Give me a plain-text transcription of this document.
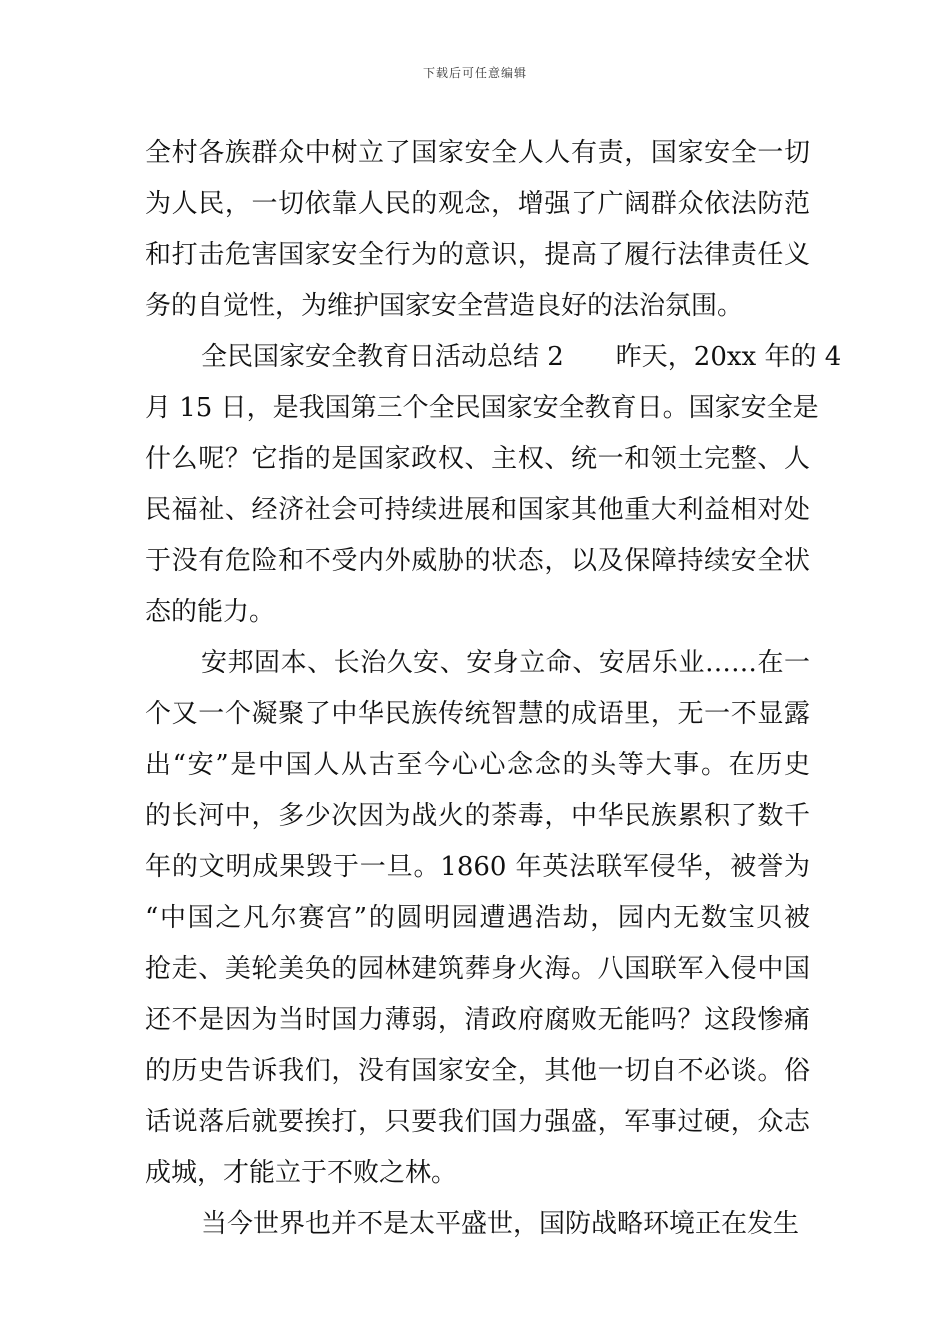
下载后可任意编辑
全村各族群众中树立了国家安全人人有责，国家安全一切
为人民，一切依靠人民的观念，增强了广阔群众依法防范
和打击危害国家安全行为的意识，提高了履行法律责任义
务的自觉性，为维护国家安全营造良好的法治氛围。
全民国家安全教育日活动总结 2　　昨天，20xx 年的 4
月 15 日，是我国第三个全民国家安全教育日。国家安全是
什么呢？它指的是国家政权、主权、统一和领土完整、人
民福祉、经济社会可持续进展和国家其他重大利益相对处
于没有危险和不受内外威胁的状态，以及保障持续安全状
态的能力。
安邦固本、长治久安、安身立命、安居乐业……在一
个又一个凝聚了中华民族传统智慧的成语里，无一不显露
出“安”是中国人从古至今心心念念的头等大事。在历史
的长河中，多少次因为战火的荼毒，中华民族累积了数千
年的文明成果毁于一旦。1860 年英法联军侵华，被誉为
“中国之凡尔赛宫”的圆明园遭遇浩劫，园内无数宝贝被
抢走、美轮美奂的园林建筑葬身火海。八国联军入侵中国
还不是因为当时国力薄弱，清政府腐败无能吗？这段惨痛
的历史告诉我们，没有国家安全，其他一切自不必谈。俗
话说落后就要挨打，只要我们国力强盛，军事过硬，众志
成城，才能立于不败之林。
当今世界也并不是太平盛世，国防战略环境正在发生
